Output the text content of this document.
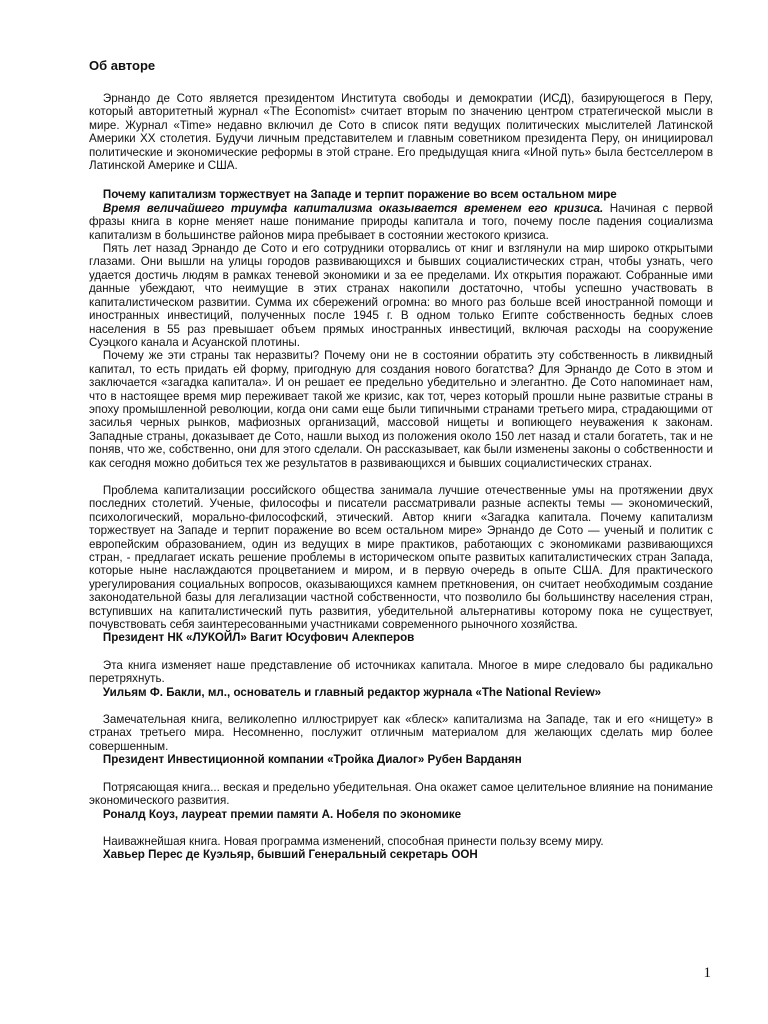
Об авторе

Эрнандо де Сото является президентом Института свободы и демократии (ИСД), базирующегося в Перу, который авторитетный журнал «The Economist» считает вторым по значению центром стратегической мысли в мире. Журнал «Time» недавно включил де Сото в список пяти ведущих политических мыслителей Латинской Америки XX столетия. Будучи личным представителем и главным советником президента Перу, он инициировал политические и экономические реформы в этой стране. Его предыдущая книга «Иной путь» была бестселлером в Латинской Америке и США.

Почему капитализм торжествует на Западе и терпит поражение во всем остальном мире

Время величайшего триумфа капитализма оказывается временем его кризиса. Начиная с первой фразы книга в корне меняет наше понимание природы капитала и того, почему после падения социализма капитализм в большинстве районов мира пребывает в состоянии жестокого кризиса.

Пять лет назад Эрнандо де Сото и его сотрудники оторвались от книг и взглянули на мир широко открытыми глазами. Они вышли на улицы городов развивающихся и бывших социалистических стран, чтобы узнать, чего удается достичь людям в рамках теневой экономики и за ее пределами. Их открытия поражают. Собранные ими данные убеждают, что неимущие в этих странах накопили достаточно, чтобы успешно участвовать в капиталистическом развитии. Сумма их сбережений огромна: во много раз больше всей иностранной помощи и иностранных инвестиций, полученных после 1945 г. В одном только Египте собственность бедных слоев населения в 55 раз превышает объем прямых иностранных инвестиций, включая расходы на сооружение Суэцкого канала и Асуанской плотины.

Почему же эти страны так неразвиты? Почему они не в состоянии обратить эту собственность в ликвидный капитал, то есть придать ей форму, пригодную для создания нового богатства? Для Эрнандо де Сото в этом и заключается «загадка капитала». И он решает ее предельно убедительно и элегантно. Де Сото напоминает нам, что в настоящее время мир переживает такой же кризис, как тот, через который прошли ныне развитые страны в эпоху промышленной революции, когда они сами еще были типичными странами третьего мира, страдающими от засилья черных рынков, мафиозных организаций, массовой нищеты и вопиющего неуважения к законам. Западные страны, доказывает де Сото, нашли выход из положения около 150 лет назад и стали богатеть, так и не поняв, что же, собственно, они для этого сделали. Он рассказывает, как были изменены законы о собственности и как сегодня можно добиться тех же результатов в развивающихся и бывших социалистических странах.

Проблема капитализации российского общества занимала лучшие отечественные умы на протяжении двух последних столетий. Ученые, философы и писатели рассматривали разные аспекты темы — экономический, психологический, морально-философский, этический. Автор книги «Загадка капитала. Почему капитализм торжествует на Западе и терпит поражение во всем остальном мире» Эрнандо де Сото — ученый и политик с европейским образованием, один из ведущих в мире практиков, работающих с экономиками развивающихся стран, - предлагает искать решение проблемы в историческом опыте развитых капиталистических стран Запада, которые ныне наслаждаются процветанием и миром, и в первую очередь в опыте США. Для практического урегулирования социальных вопросов, оказывающихся камнем преткновения, он считает необходимым создание законодательной базы для легализации частной собственности, что позволило бы большинству населения стран, вступивших на капиталистический путь развития, убедительной альтернативы которому пока не существует, почувствовать себя заинтересованными участниками современного рыночного хозяйства.

Президент НК «ЛУКОЙЛ» Вагит Юсуфович Алекперов

Эта книга изменяет наше представление об источниках капитала. Многое в мире следовало бы радикально перетряхнуть.

Уильям Ф. Бакли, мл., основатель и главный редактор журнала «The National Review»

Замечательная книга, великолепно иллюстрирует как «блеск» капитализма на Западе, так и его «нищету» в странах третьего мира. Несомненно, послужит отличным материалом для желающих сделать мир более совершенным.

Президент Инвестиционной компании «Тройка Диалог» Рубен Варданян

Потрясающая книга... веская и предельно убедительная. Она окажет самое целительное влияние на понимание экономического развития.

Роналд Коуз, лауреат премии памяти А. Нобеля по экономике

Наиважнейшая книга. Новая программа изменений, способная принести пользу всему миру.

Хавьер Перес де Куэльяр, бывший Генеральный секретарь ООН

1
